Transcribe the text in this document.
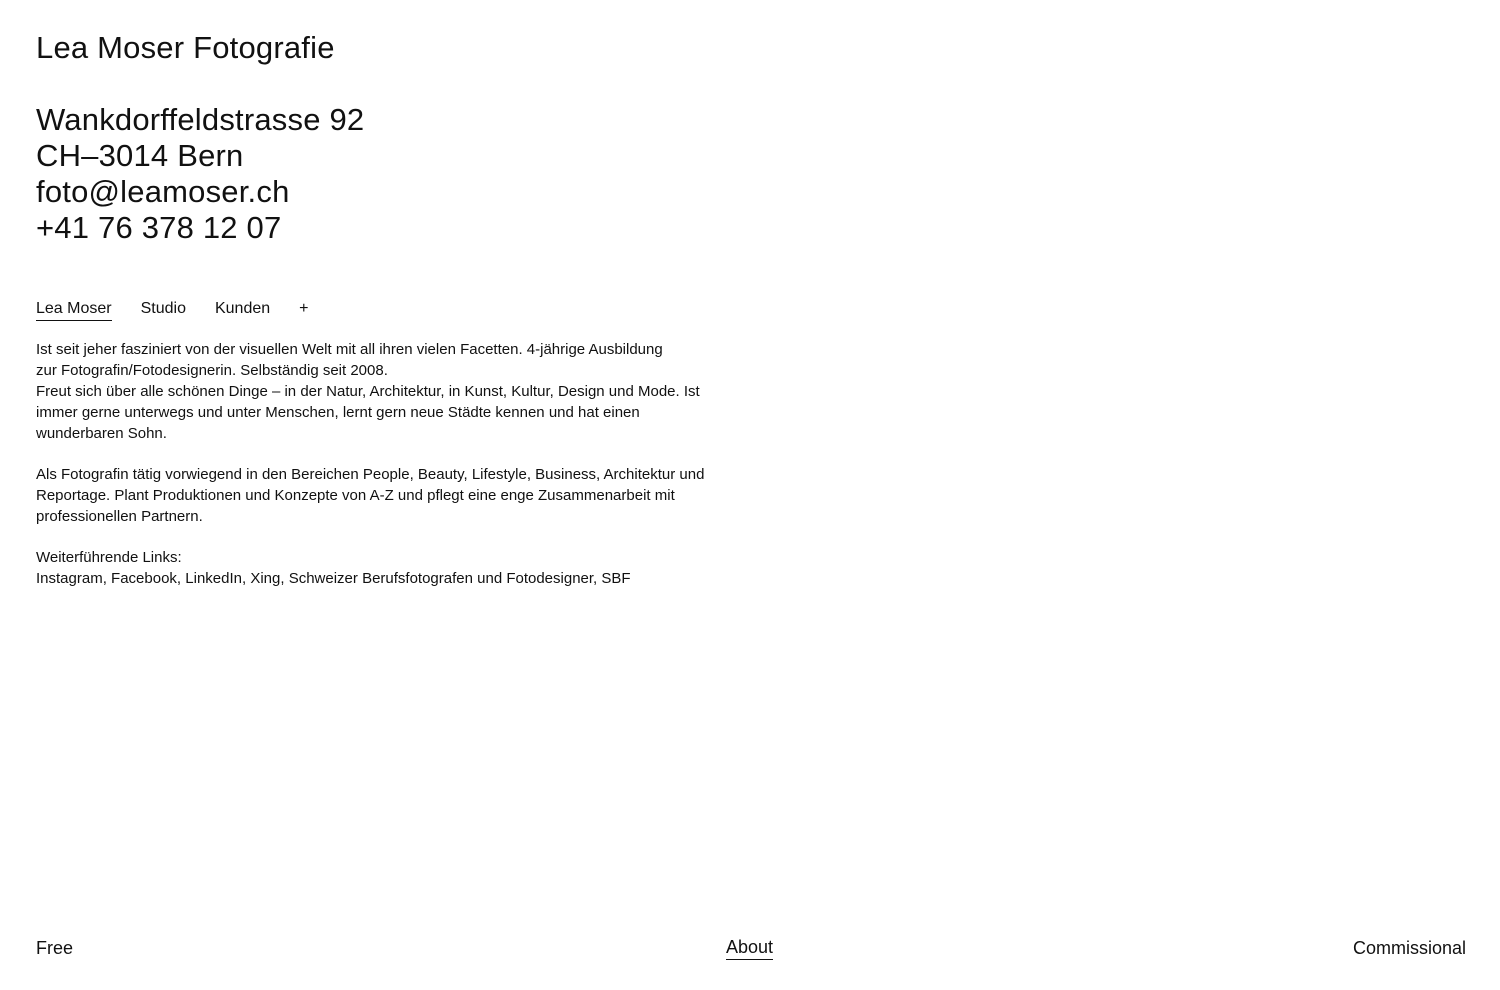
Lea Moser Fotografie
Wankdorffeldstrasse 92
CH–3014 Bern
foto@leamoser.ch
+41 76 378 12 07
Lea Moser Studio Kunden +

Ist seit jeher fasziniert von der visuellen Welt mit all ihren vielen Facetten. 4-jährige Ausbildung
zur Fotografin/Fotodesignerin. Selbständig seit 2008.
Freut sich über alle schönen Dinge – in der Natur, Architektur, in Kunst, Kultur, Design und Mode. Ist
immer gerne unterwegs und unter Menschen, lernt gern neue Städte kennen und hat einen
wunderbaren Sohn.

Als Fotografin tätig vorwiegend in den Bereichen People, Beauty, Lifestyle, Business, Architektur und
Reportage. Plant Produktionen und Konzepte von A-Z und pflegt eine enge Zusammenarbeit mit
professionellen Partnern.

Weiterführende Links:
Instagram, Facebook, LinkedIn, Xing, Schweizer Berufsfotografen und Fotodesigner, SBF

Free	About	Commissional
